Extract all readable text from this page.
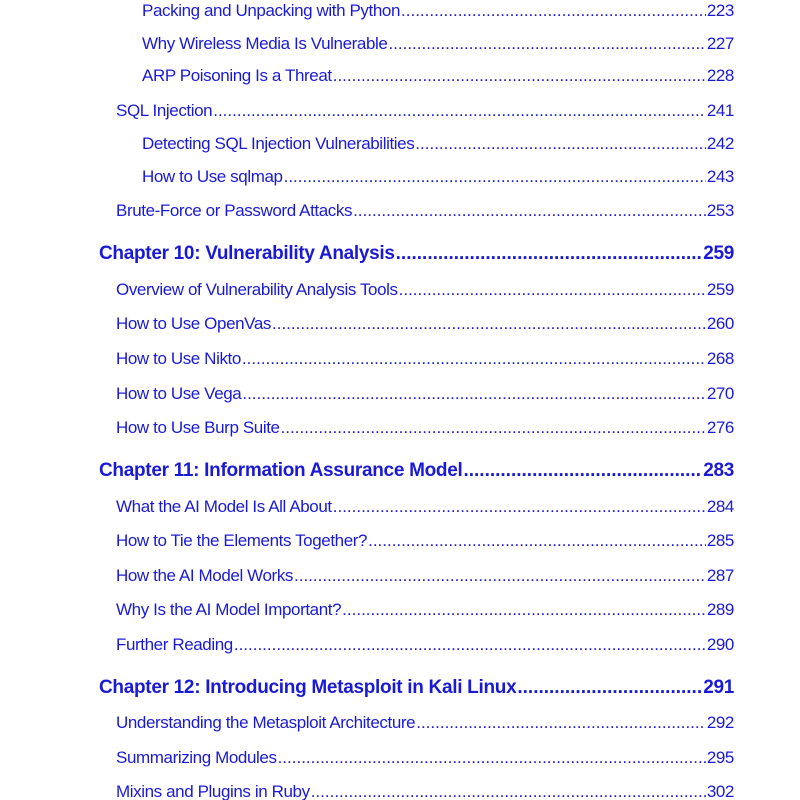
Packing and Unpacking with Python .....	223
Why Wireless Media Is Vulnerable .....	227
ARP Poisoning Is a Threat .....	228
SQL Injection .....	241
Detecting SQL Injection Vulnerabilities .....	242
How to Use sqlmap .....	243
Brute-Force or Password Attacks .....	253
Chapter 10: Vulnerability Analysis .....	259
Overview of Vulnerability Analysis Tools .....	259
How to Use OpenVas .....	260
How to Use Nikto .....	268
How to Use Vega .....	270
How to Use Burp Suite .....	276
Chapter 11: Information Assurance Model .....	283
What the AI Model Is All About .....	284
How to Tie the Elements Together? .....	285
How the AI Model Works .....	287
Why Is the AI Model Important? .....	289
Further Reading .....	290
Chapter 12: Introducing Metasploit in Kali Linux .....	291
Understanding the Metasploit Architecture .....	292
Summarizing Modules .....	295
Mixins and Plugins in Ruby .....	302
